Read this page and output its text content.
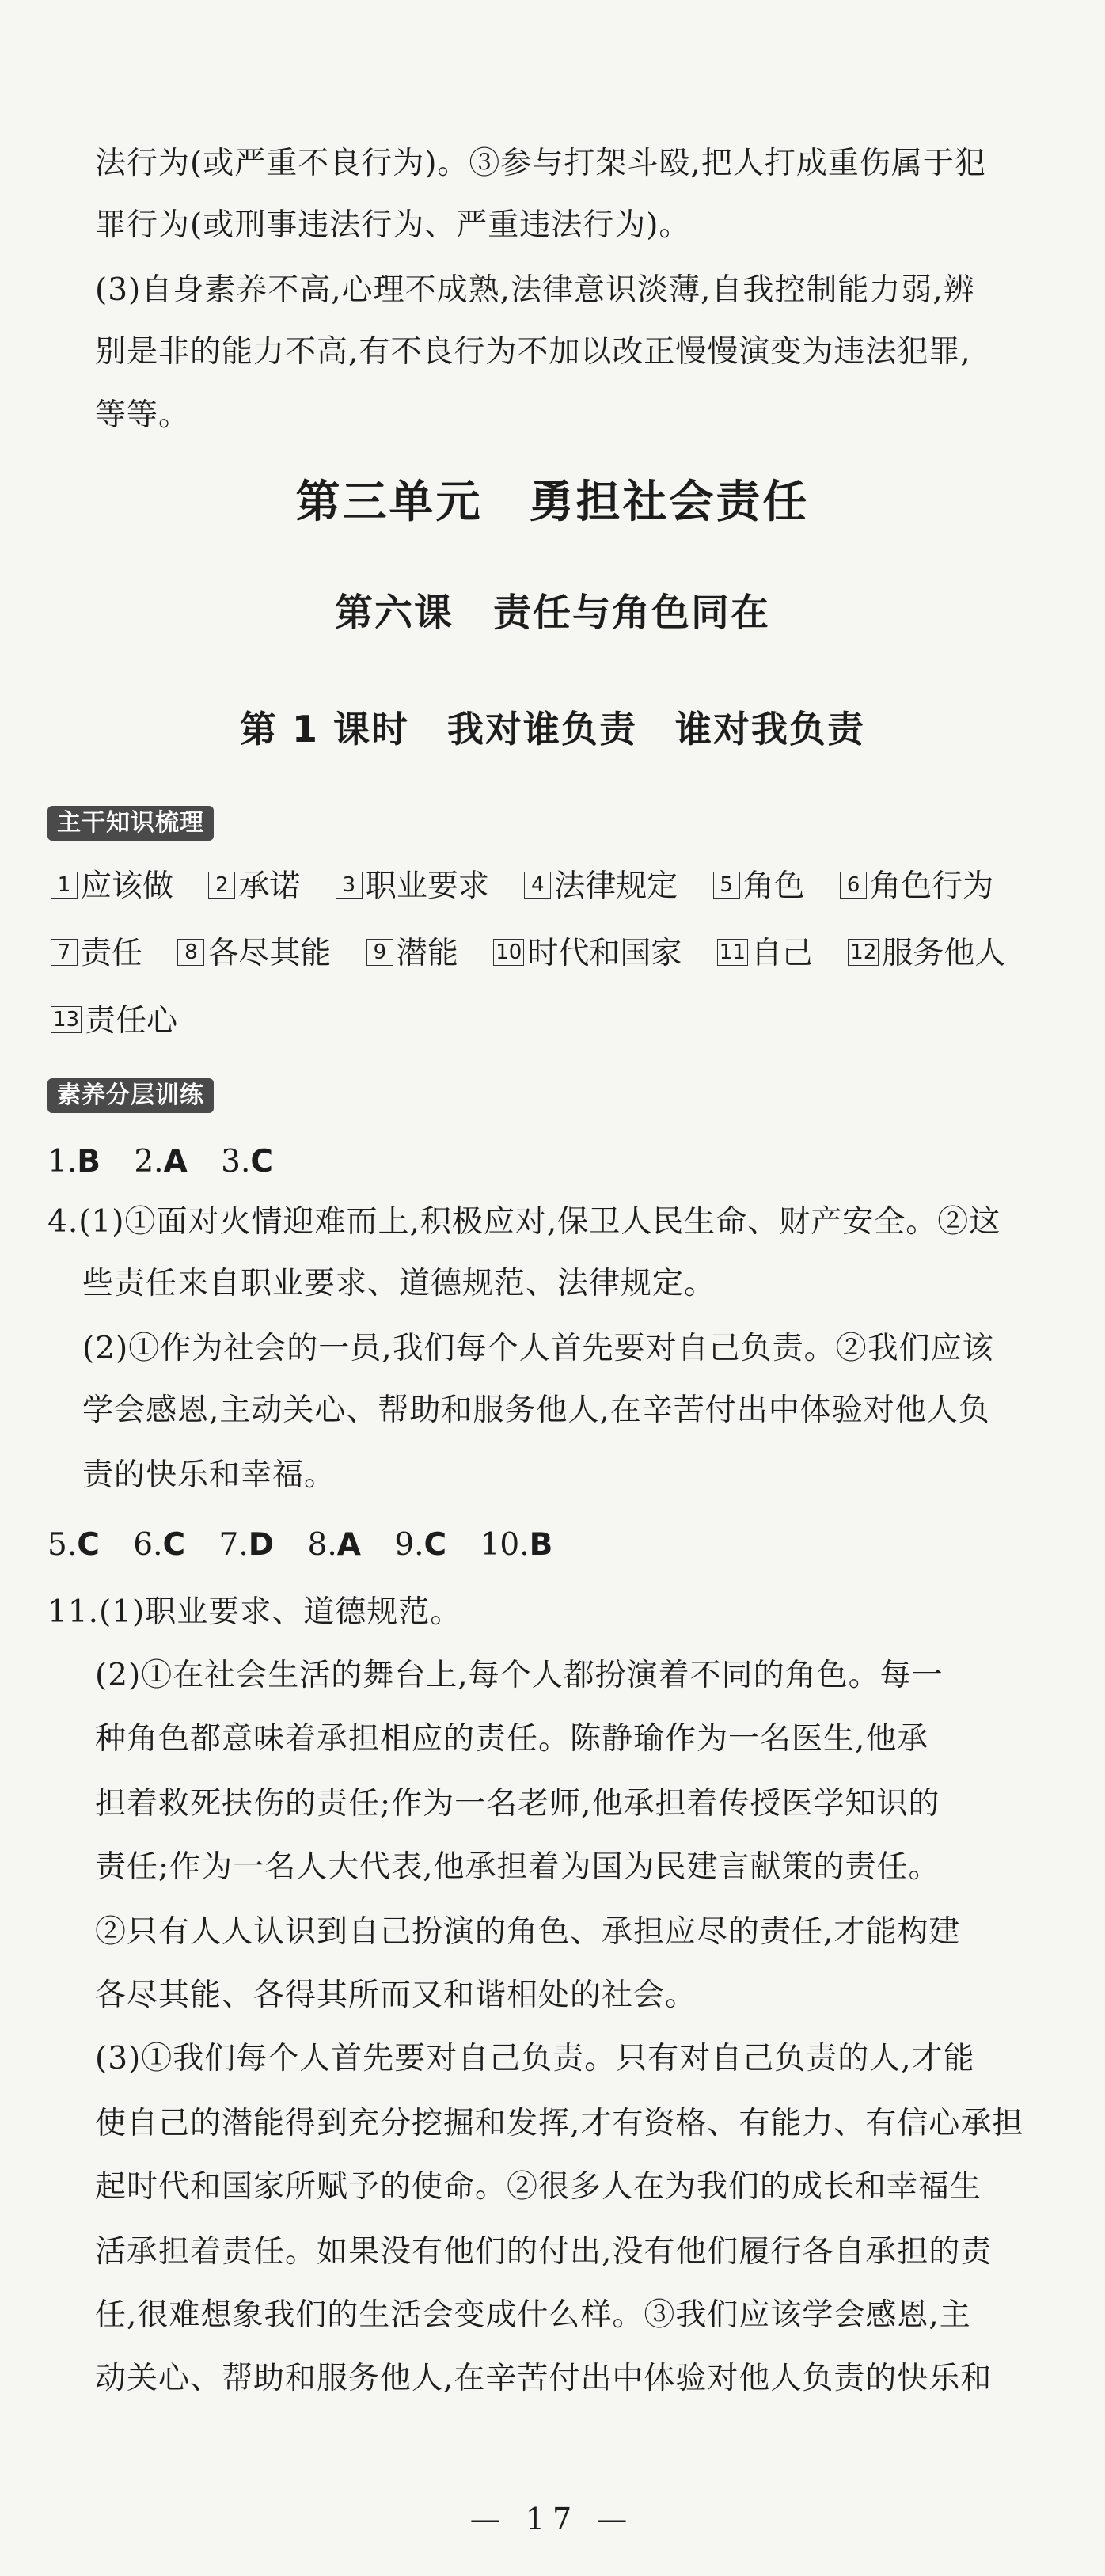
法行为(或严重不良行为)。③参与打架斗殴,把人打成重伤属于犯
罪行为(或刑事违法行为、严重违法行为)。
(3)自身素养不高,心理不成熟,法律意识淡薄,自我控制能力弱,辨
别是非的能力不高,有不良行为不加以改正慢慢演变为违法犯罪,
等等。
第三单元　勇担社会责任
第六课　责任与角色同在
第 1 课时　我对谁负责　谁对我负责
主干知识梳理
1 应该做 2 承诺 3 职业要求 4 法律规定 5 角色 6 角色行为
7 责任 8 各尽其能 9 潜能 10 时代和国家 11 自己 12 服务他人
13 责任心
素养分层训练
1.B 2.A 3.C
4.(1)①面对火情迎难而上,积极应对,保卫人民生命、财产安全。②这
些责任来自职业要求、道德规范、法律规定。
(2)①作为社会的一员,我们每个人首先要对自己负责。②我们应该
学会感恩,主动关心、帮助和服务他人,在辛苦付出中体验对他人负
责的快乐和幸福。
5.C 6.C 7.D 8.A 9.C 10.B
11.(1)职业要求、道德规范。
(2)①在社会生活的舞台上,每个人都扮演着不同的角色。每一
种角色都意味着承担相应的责任。陈静瑜作为一名医生,他承
担着救死扶伤的责任;作为一名老师,他承担着传授医学知识的
责任;作为一名人大代表,他承担着为国为民建言献策的责任。
②只有人人认识到自己扮演的角色、承担应尽的责任,才能构建
各尽其能、各得其所而又和谐相处的社会。
(3)①我们每个人首先要对自己负责。只有对自己负责的人,才能
使自己的潜能得到充分挖掘和发挥,才有资格、有能力、有信心承担
起时代和国家所赋予的使命。②很多人在为我们的成长和幸福生
活承担着责任。如果没有他们的付出,没有他们履行各自承担的责
任,很难想象我们的生活会变成什么样。③我们应该学会感恩,主
动关心、帮助和服务他人,在辛苦付出中体验对他人负责的快乐和
— 17 —
